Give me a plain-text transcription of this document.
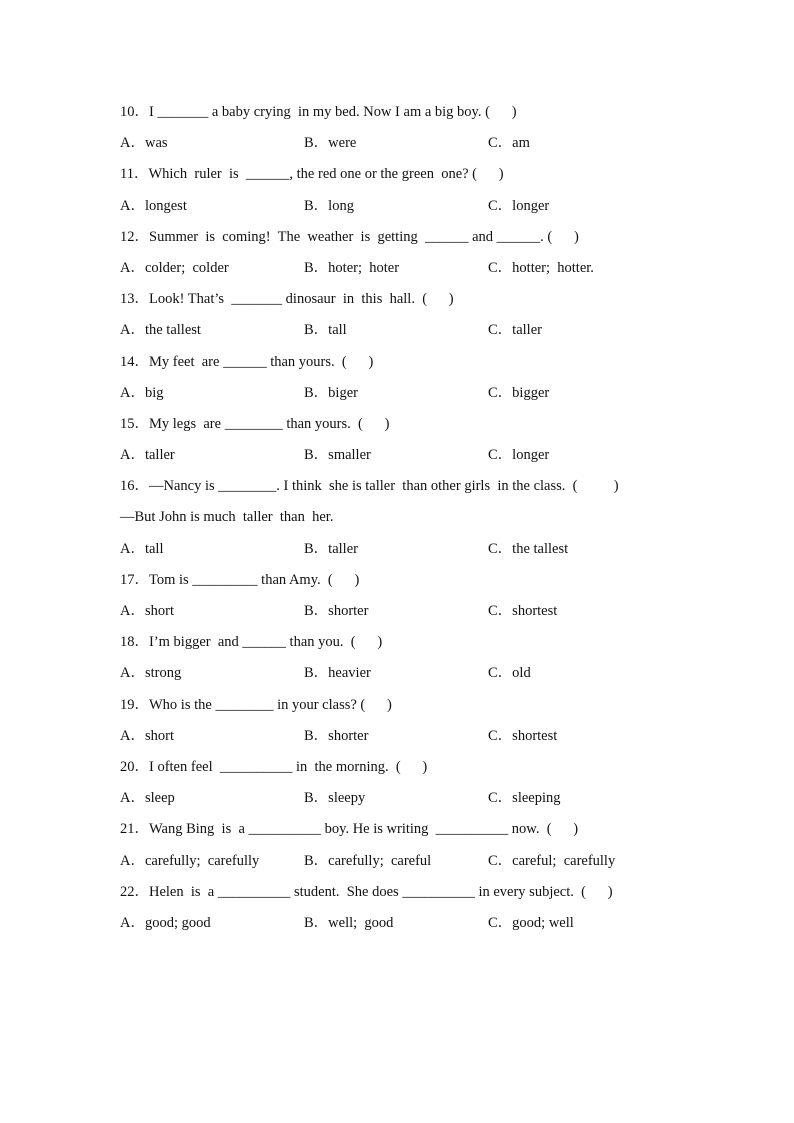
10．I _______ a baby crying  in my bed. Now I am a big boy. (      )

A．was

	B．were

	C．am

11．Which  ruler  is  ______, the red one or the green  one? (      )

A．longest

	B．long

	C．longer

12．Summer  is  coming!  The  weather  is  getting  ______ and ______. (      )

A．colder;  colder

	B．hoter;  hoter

	C．hotter;  hotter.

13．Look! That’s  _______ dinosaur  in  this  hall.  (      )

A．the tallest

	B．tall

	C．taller

14．My feet  are ______ than yours.  (      )

A．big

	B．biger

	C．bigger

15．My legs  are ________ than yours.  (      )

A．taller

	B．smaller

	C．longer

16．—Nancy is ________. I think  she is taller  than other girls  in the class.  (          )
—But John is much  taller  than  her.

A．tall

	B．taller

	C．the tallest

17．Tom is _________ than Amy.  (      )

A．short

	B．shorter

	C．shortest

18．I’m bigger  and ______ than you.  (      )

A．strong

	B．heavier

	C．old

19．Who is the ________ in your class? (      )

A．short

	B．shorter

	C．shortest

20．I often feel  __________ in  the morning.  (      )

A．sleep

	B．sleepy

	C．sleeping

21．Wang Bing  is  a __________ boy. He is writing  __________ now.  (      )

A．carefully;  carefully

	B．carefully;  careful

	C．careful;  carefully

22．Helen  is  a __________ student.  She does __________ in every subject.  (      )

A．good; good

	B．well;  good

	C．good; well
